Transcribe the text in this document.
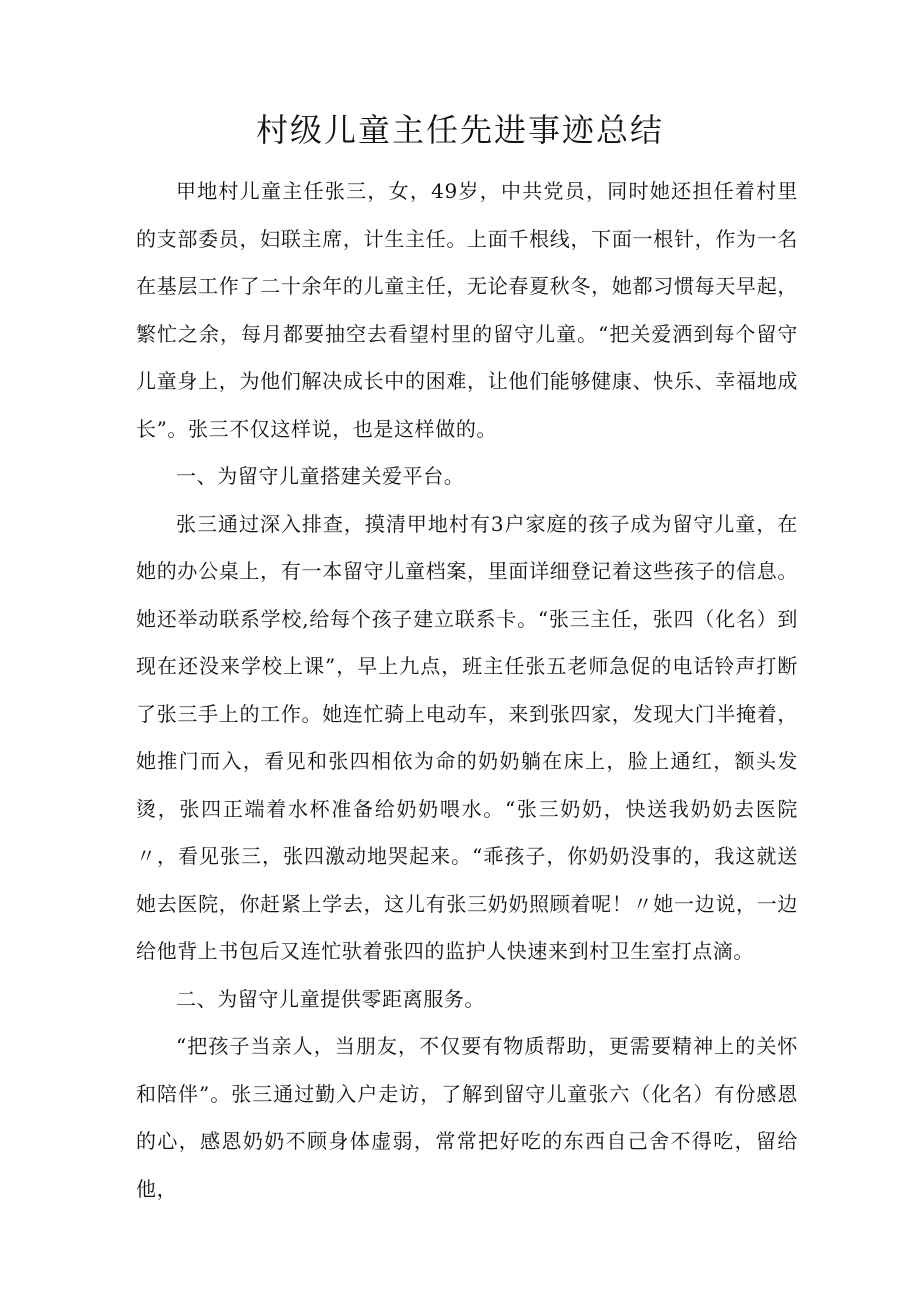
村级儿童主任先进事迹总结

甲地村儿童主任张三，女，49岁，中共党员，同时她还担任着村里的支部委员，妇联主席，计生主任。上面千根线，下面一根针，作为一名在基层工作了二十余年的儿童主任，无论春夏秋冬，她都习惯每天早起，繁忙之余，每月都要抽空去看望村里的留守儿童。“把关爱洒到每个留守儿童身上，为他们解决成长中的困难，让他们能够健康、快乐、幸福地成长”。张三不仅这样说，也是这样做的。

一、为留守儿童搭建关爱平台。

张三通过深入排查，摸清甲地村有3户家庭的孩子成为留守儿童，在她的办公桌上，有一本留守儿童档案，里面详细登记着这些孩子的信息。她还举动联系学校,给每个孩子建立联系卡。“张三主任，张四（化名）到现在还没来学校上课”，早上九点，班主任张五老师急促的电话铃声打断了张三手上的工作。她连忙骑上电动车，来到张四家，发现大门半掩着，她推门而入，看见和张四相依为命的奶奶躺在床上，脸上通红，额头发烫，张四正端着水杯准备给奶奶喂水。“张三奶奶，快送我奶奶去医院〃，看见张三，张四激动地哭起来。“乖孩子，你奶奶没事的，我这就送她去医院，你赶紧上学去，这儿有张三奶奶照顾着呢！〃她一边说，一边给他背上书包后又连忙驮着张四的监护人快速来到村卫生室打点滴。

二、为留守儿童提供零距离服务。

“把孩子当亲人，当朋友，不仅要有物质帮助，更需要精神上的关怀和陪伴”。张三通过勤入户走访，了解到留守儿童张六（化名）有份感恩的心，感恩奶奶不顾身体虚弱，常常把好吃的东西自己舍不得吃，留给他，
